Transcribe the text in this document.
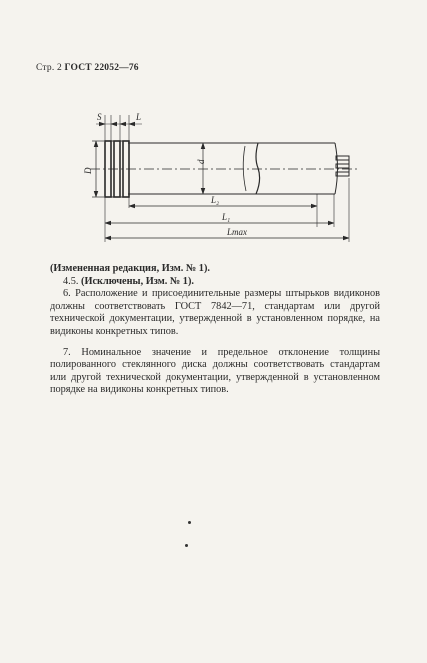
Стр. 2 ГОСТ 22052—76
S	L
D
d
L₂
L₁
Lmax

(Измененная редакция, Изм. № 1).

4.5. (Исключены, Изм. № 1).

6. Расположение и присоединительные размеры штырьков видиконов должны соответствовать ГОСТ 7842—71, стандартам или другой технической документации, утвержденной в установленном порядке, на видиконы конкретных типов.

7. Номинальное значение и предельное отклонение толщины полированного стеклянного диска должны соответствовать стандартам или другой технической документации, утвержденной в установленном порядке на видиконы конкретных типов.
